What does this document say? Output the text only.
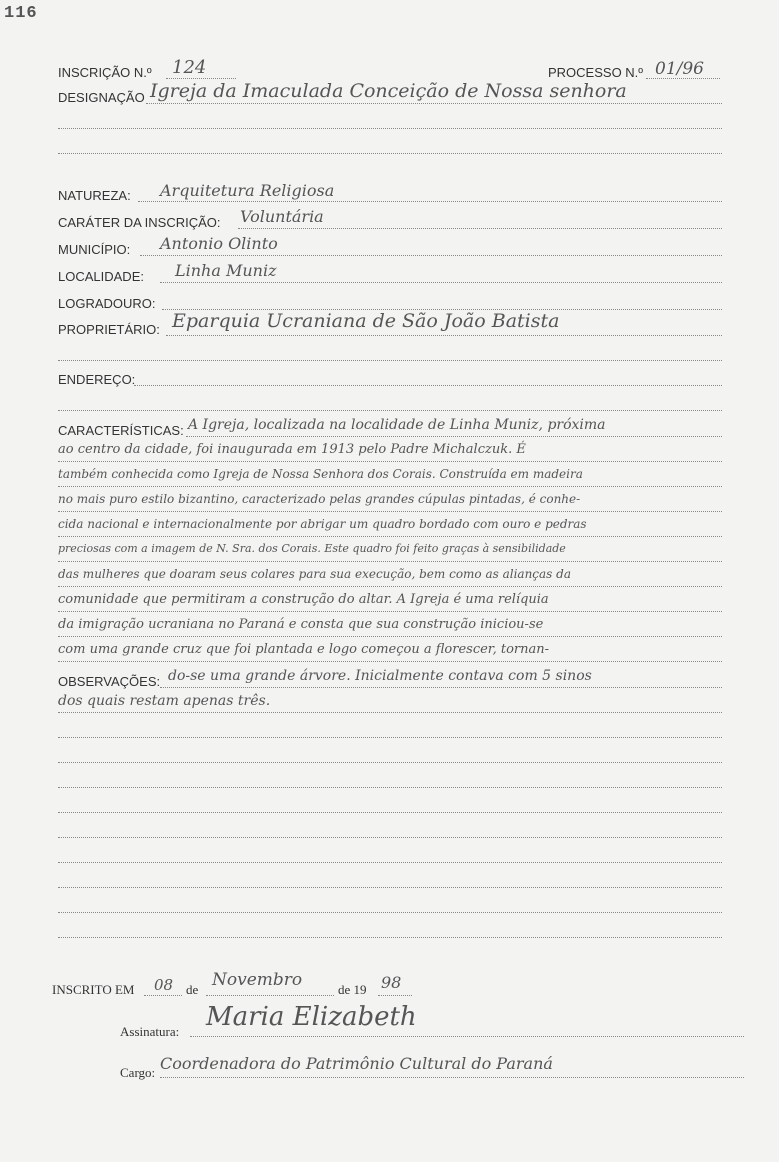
116
INSCRIÇÃO N.º 124	PROCESSO N.º 01/96
DESIGNAÇÃO Igreja da Imaculada Conceição de Nossa senhora
NATUREZA: Arquitetura Religiosa
CARÁTER DA INSCRIÇÃO: Voluntária
MUNICÍPIO: Antonio Olinto
LOCALIDADE: Linha Muniz
LOGRADOURO:
PROPRIETÁRIO: Eparquia Ucraniana de São João Batista
ENDEREÇO:
CARACTERÍSTICAS: A Igreja, localizada na localidade de Linha Muniz, próxima
ao centro da cidade, foi inaugurada em 1913 pelo Padre Michalczuk. É
também conhecida como Igreja de Nossa Senhora dos Corais. Construída em madeira
no mais puro estilo bizantino, caracterizado pelas grandes cúpulas pintadas, é conhe-
cida nacional e internacionalmente por abrigar um quadro bordado com ouro e pedras
preciosas com a imagem de N. Sra. dos Corais. Este quadro foi feito graças à sensibilidade
das mulheres que doaram seus colares para sua execução, bem como as alianças da
comunidade que permitiram a construção do altar. A Igreja é uma relíquia
da imigração ucraniana no Paraná e consta que sua construção iniciou-se
com uma grande cruz que foi plantada e logo começou a florescer, tornan-
OBSERVAÇÕES: do-se uma grande árvore. Inicialmente contava com 5 sinos
dos quais restam apenas três.
INSCRITO EM 08 de Novembro	de 19 98
Assinatura: Maria Elizabeth
Cargo: Coordenadora do Patrimônio Cultural do Paraná
